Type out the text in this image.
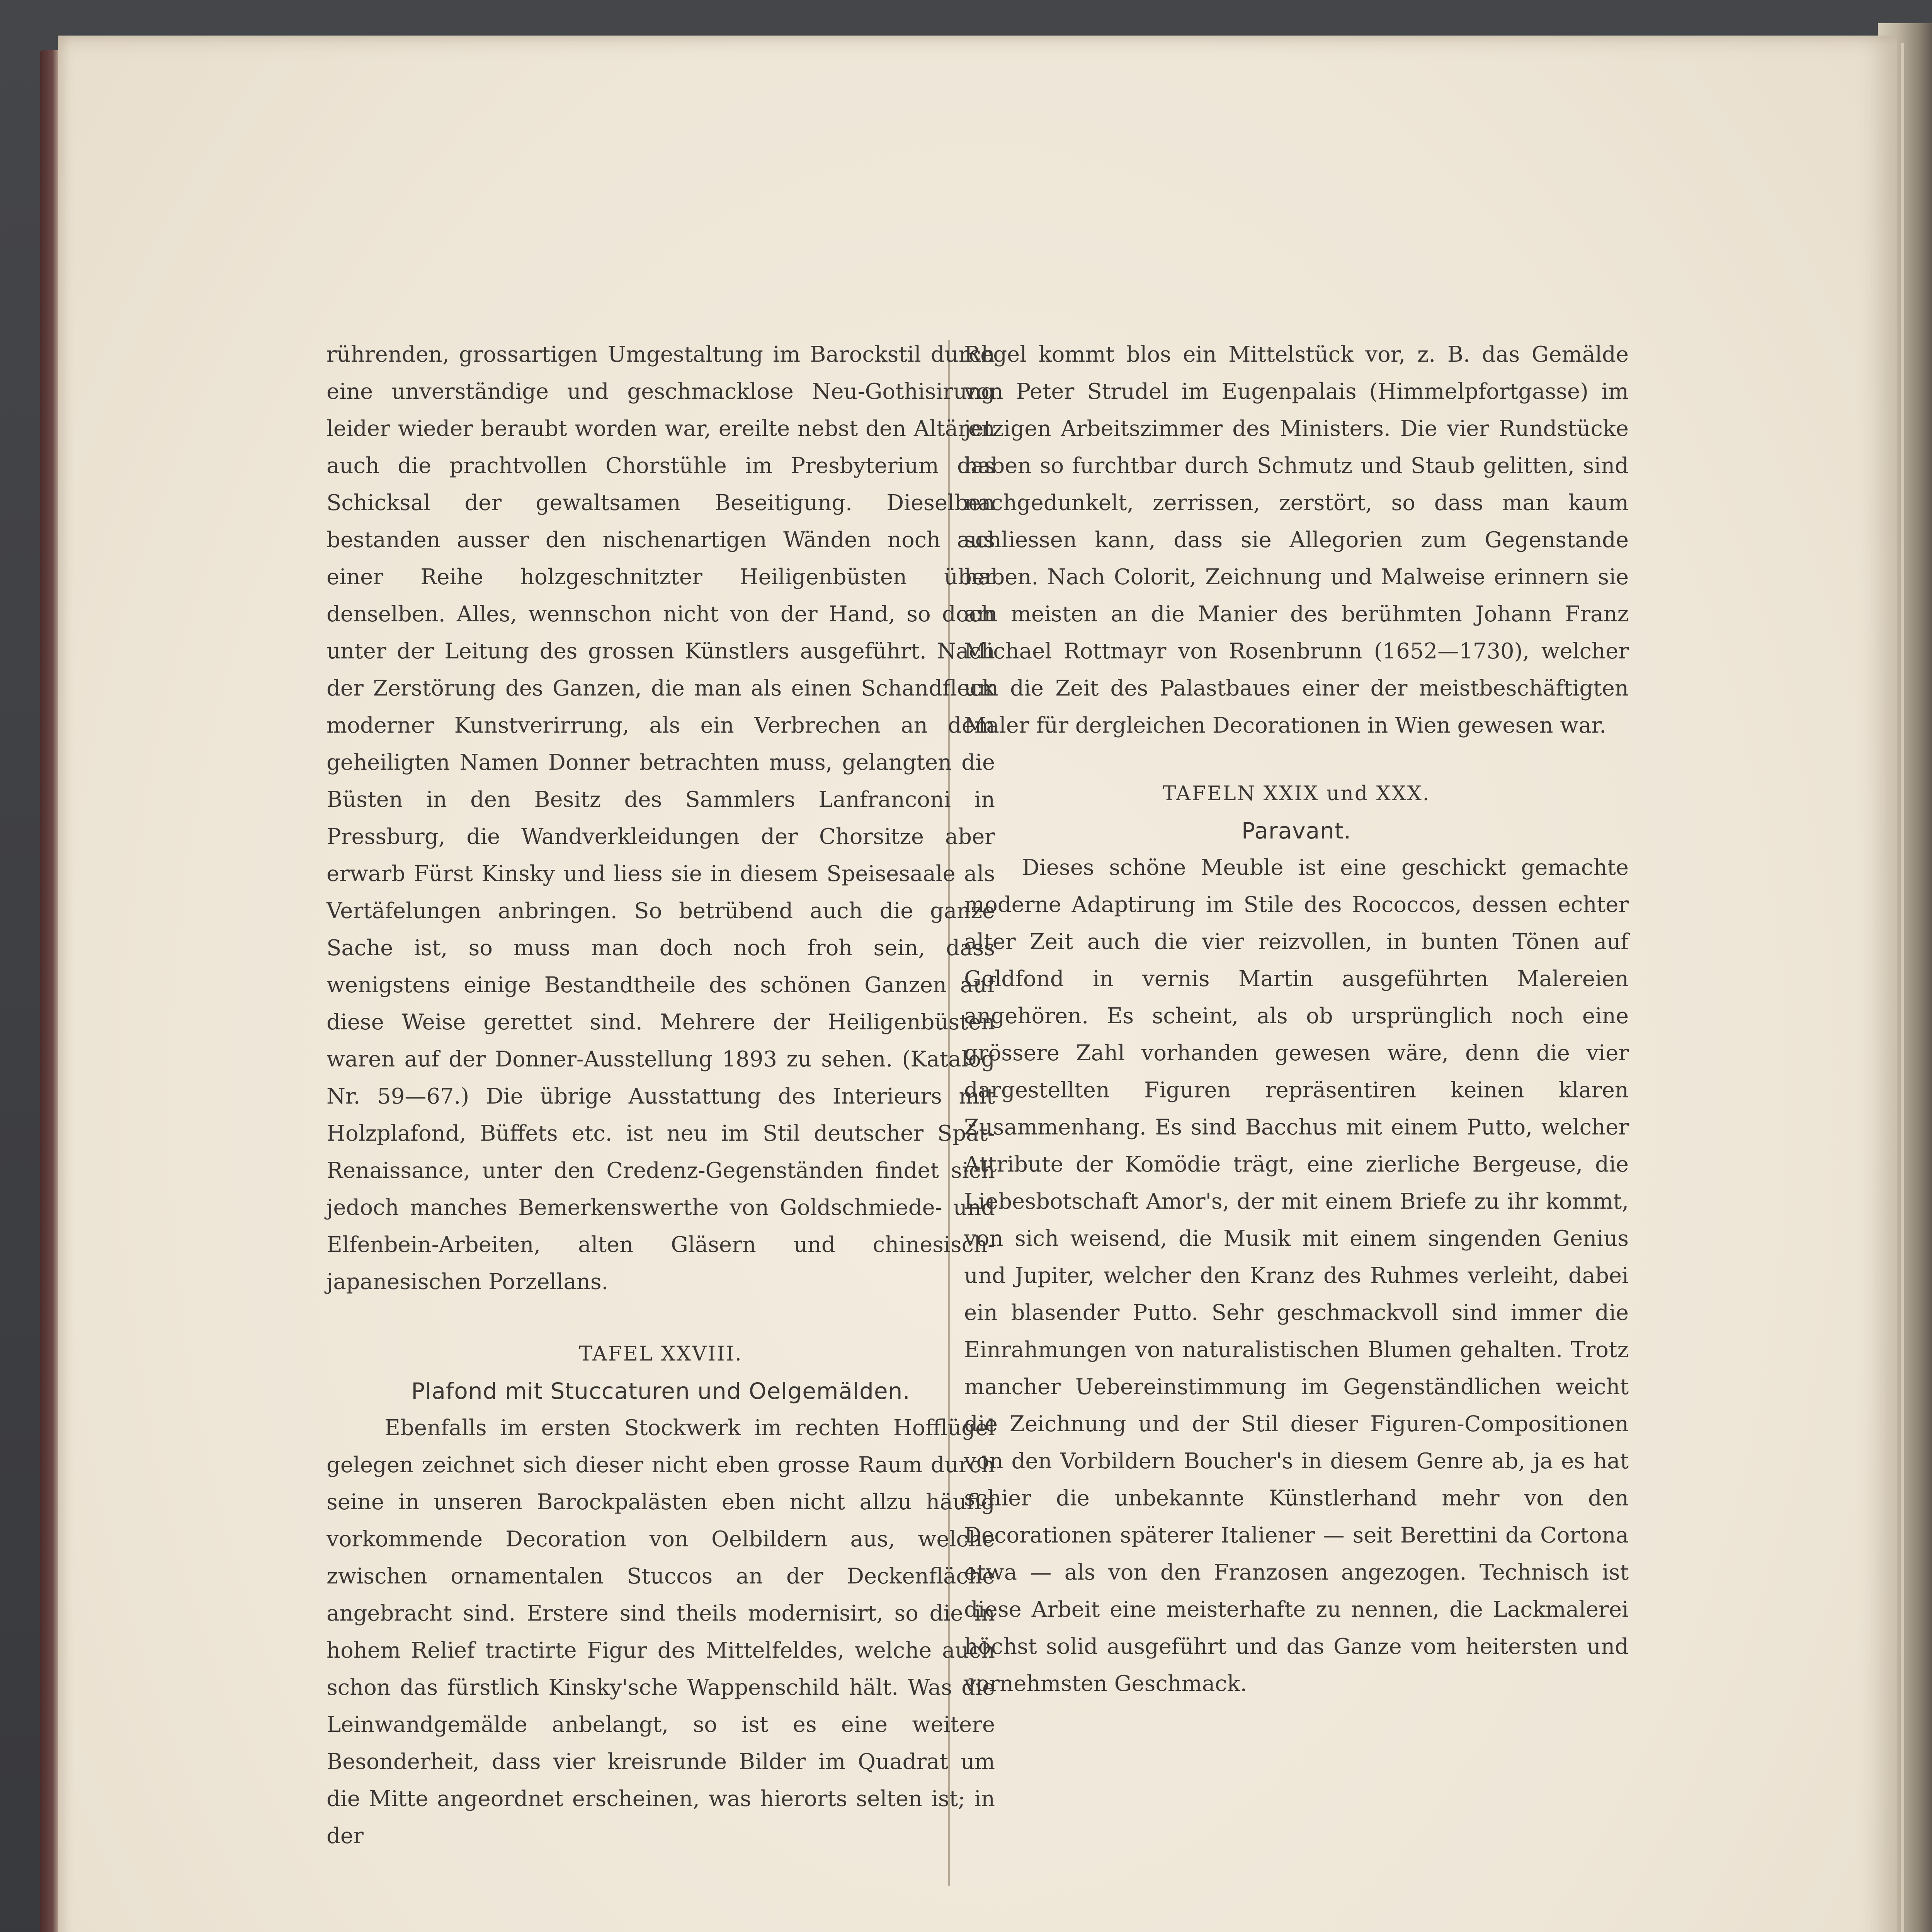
rührenden, grossartigen Umgestaltung im Barockstil durch eine unverständige und geschmacklose Neu-Gothisirung leider wieder beraubt worden war, ereilte nebst den Altären auch die prachtvollen Chorstühle im Presbyterium das Schicksal der gewaltsamen Beseitigung. Dieselben bestanden ausser den nischenartigen Wänden noch aus einer Reihe holzgeschnitzter Heiligenbüsten über denselben. Alles, wennschon nicht von der Hand, so doch unter der Leitung des grossen Künstlers ausgeführt. Nach der Zerstörung des Ganzen, die man als einen Schandfleck moderner Kunstverirrung, als ein Verbrechen an dem geheiligten Namen Donner betrachten muss, gelangten die Büsten in den Besitz des Sammlers Lanfranconi in Pressburg, die Wandverkleidungen der Chorsitze aber erwarb Fürst Kinsky und liess sie in diesem Speisesaale als Vertäfelungen anbringen. So betrübend auch die ganze Sache ist, so muss man doch noch froh sein, dass wenigstens einige Bestandtheile des schönen Ganzen auf diese Weise gerettet sind. Mehrere der Heiligenbüsten waren auf der Donner-Ausstellung 1893 zu sehen. (Katalog Nr. 59—67.) Die übrige Ausstattung des Interieurs mit Holzplafond, Büffets etc. ist neu im Stil deutscher Spät-Renaissance, unter den Credenz-Gegenständen findet sich jedoch manches Bemerkenswerthe von Goldschmiede- und Elfenbein-Arbeiten, alten Gläsern und chinesisch-japanesischen Porzellans.

TAFEL XXVIII.

Plafond mit Stuccaturen und Oelgemälden.

Ebenfalls im ersten Stockwerk im rechten Hofflügel gelegen zeichnet sich dieser nicht eben grosse Raum durch seine in unseren Barockpalästen eben nicht allzu häufig vorkommende Decoration von Oelbildern aus, welche zwischen ornamentalen Stuccos an der Deckenfläche angebracht sind. Erstere sind theils modernisirt, so die in hohem Relief tractirte Figur des Mittelfeldes, welche auch schon das fürstlich Kinsky'sche Wappenschild hält. Was die Leinwandgemälde anbelangt, so ist es eine weitere Besonderheit, dass vier kreisrunde Bilder im Quadrat um die Mitte angeordnet erscheinen, was hierorts selten ist; in der

Regel kommt blos ein Mittelstück vor, z. B. das Gemälde von Peter Strudel im Eugenpalais (Himmelpfortgasse) im jetzigen Arbeitszimmer des Ministers. Die vier Rundstücke haben so furchtbar durch Schmutz und Staub gelitten, sind nachgedunkelt, zerrissen, zerstört, so dass man kaum schliessen kann, dass sie Allegorien zum Gegenstande haben. Nach Colorit, Zeichnung und Malweise erinnern sie am meisten an die Manier des berühmten Johann Franz Michael Rottmayr von Rosenbrunn (1652—1730), welcher um die Zeit des Palastbaues einer der meistbeschäftigten Maler für dergleichen Decorationen in Wien gewesen war.

TAFELN XXIX und XXX.

Paravant.

Dieses schöne Meuble ist eine geschickt gemachte moderne Adaptirung im Stile des Rococcos, dessen echter alter Zeit auch die vier reizvollen, in bunten Tönen auf Goldfond in vernis Martin ausgeführten Malereien angehören. Es scheint, als ob ursprünglich noch eine grössere Zahl vorhanden gewesen wäre, denn die vier dargestellten Figuren repräsentiren keinen klaren Zusammenhang. Es sind Bacchus mit einem Putto, welcher Attribute der Komödie trägt, eine zierliche Bergeuse, die Liebesbotschaft Amor's, der mit einem Briefe zu ihr kommt, von sich weisend, die Musik mit einem singenden Genius und Jupiter, welcher den Kranz des Ruhmes verleiht, dabei ein blasender Putto. Sehr geschmackvoll sind immer die Einrahmungen von naturalistischen Blumen gehalten. Trotz mancher Uebereinstimmung im Gegenständlichen weicht die Zeichnung und der Stil dieser Figuren-Compositionen von den Vorbildern Boucher's in diesem Genre ab, ja es hat schier die unbekannte Künstlerhand mehr von den Decorationen späterer Italiener — seit Berettini da Cortona etwa — als von den Franzosen angezogen. Technisch ist diese Arbeit eine meisterhafte zu nennen, die Lackmalerei höchst solid ausgeführt und das Ganze vom heitersten und vornehmsten Geschmack.
